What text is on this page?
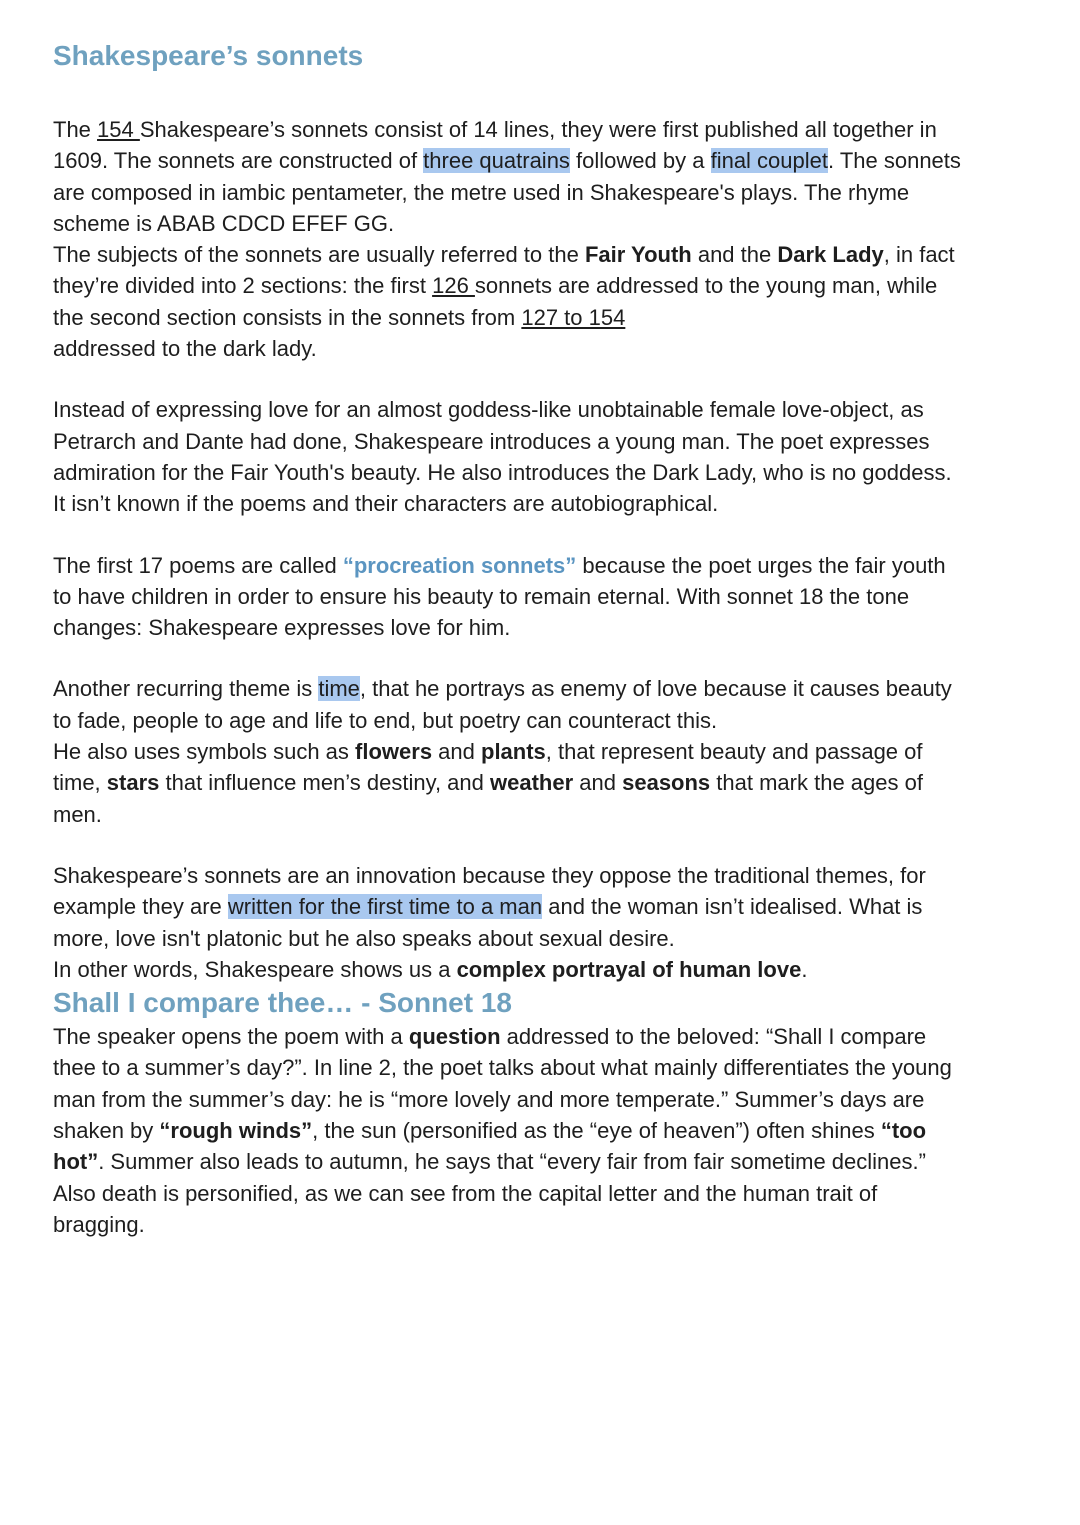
Shakespeare’s sonnets

The 154 Shakespeare’s sonnets consist of 14 lines, they were first published all together in 1609. The sonnets are constructed of three quatrains followed by a final couplet. The sonnets are composed in iambic pentameter, the metre used in Shakespeare's plays. The rhyme scheme is ABAB CDCD EFEF GG.
The subjects of the sonnets are usually referred to the Fair Youth and the Dark Lady, in fact they’re divided into 2 sections: the first 126 sonnets are addressed to the young man, while the second section consists in the sonnets from 127 to 154
addressed to the dark lady.

Instead of expressing love for an almost goddess-like unobtainable female love-object, as Petrarch and Dante had done, Shakespeare introduces a young man. The poet expresses admiration for the Fair Youth's beauty. He also introduces the Dark Lady, who is no goddess. It isn’t known if the poems and their characters are autobiographical.

The first 17 poems are called “procreation sonnets” because the poet urges the fair youth to have children in order to ensure his beauty to remain eternal. With sonnet 18 the tone changes: Shakespeare expresses love for him.

Another recurring theme is time, that he portrays as enemy of love because it causes beauty to fade, people to age and life to end, but poetry can counteract this.
He also uses symbols such as flowers and plants, that represent beauty and passage of time, stars that influence men’s destiny, and weather and seasons that mark the ages of men.

Shakespeare’s sonnets are an innovation because they oppose the traditional themes, for example they are written for the first time to a man and the woman isn’t idealised. What is more, love isn't platonic but he also speaks about sexual desire.
In other words, Shakespeare shows us a complex portrayal of human love.

Shall I compare thee… - Sonnet 18

The speaker opens the poem with a question addressed to the beloved: “Shall I compare thee to a summer’s day?”. In line 2, the poet talks about what mainly differentiates the young man from the summer’s day: he is “more lovely and more temperate.” Summer’s days are shaken by “rough winds”, the sun (personified as the “eye of heaven”) often shines “too hot”. Summer also leads to autumn, he says that “every fair from fair sometime declines.” Also death is personified, as we can see from the capital letter and the human trait of bragging.
